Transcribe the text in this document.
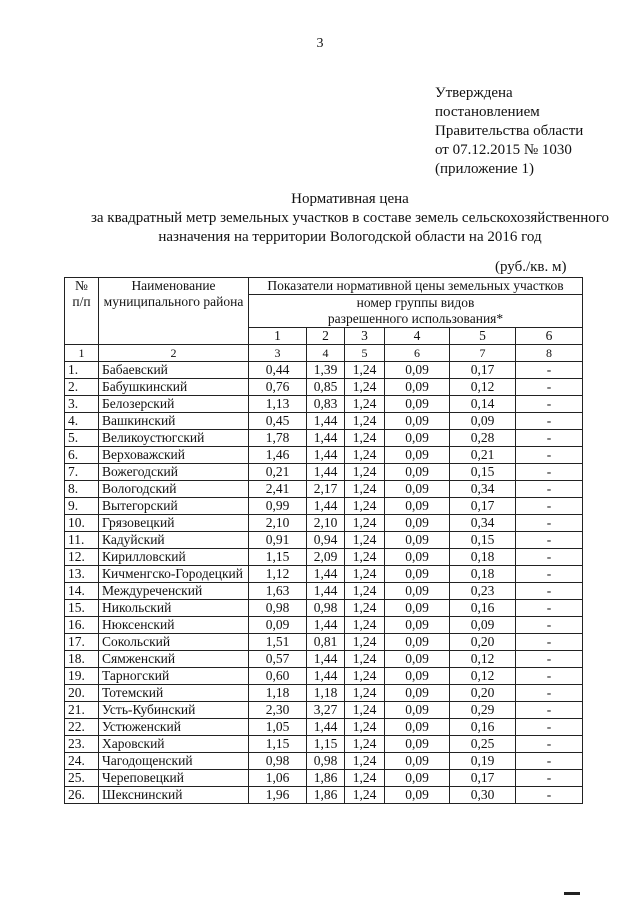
3
Утверждена
постановлением
Правительства области
от 07.12.2015 № 1030
(приложение 1)
Нормативная цена
за квадратный метр земельных участков в составе земель сельскохозяйственного
назначения на территории Вологодской области на 2016 год
(руб./кв. м)
№ п/п	Наименование муниципального района	Показатели нормативной цены земельных участков					
		номер группы видов разрешенного использования*					
		1	2	3	4	5	6
1	2	3	4	5	6	7	8
1.	Бабаевский	0,44	1,39	1,24	0,09	0,17	-
2.	Бабушкинский	0,76	0,85	1,24	0,09	0,12	-
3.	Белозерский	1,13	0,83	1,24	0,09	0,14	-
4.	Вашкинский	0,45	1,44	1,24	0,09	0,09	-
5.	Великоустюгский	1,78	1,44	1,24	0,09	0,28	-
6.	Верховажский	1,46	1,44	1,24	0,09	0,21	-
7.	Вожегодский	0,21	1,44	1,24	0,09	0,15	-
8.	Вологодский	2,41	2,17	1,24	0,09	0,34	-
9.	Вытегорский	0,99	1,44	1,24	0,09	0,17	-
10.	Грязовецкий	2,10	2,10	1,24	0,09	0,34	-
11.	Кадуйский	0,91	0,94	1,24	0,09	0,15	-
12.	Кирилловский	1,15	2,09	1,24	0,09	0,18	-
13.	Кичменгско-Городецкий	1,12	1,44	1,24	0,09	0,18	-
14.	Междуреченский	1,63	1,44	1,24	0,09	0,23	-
15.	Никольский	0,98	0,98	1,24	0,09	0,16	-
16.	Нюксенский	0,09	1,44	1,24	0,09	0,09	-
17.	Сокольский	1,51	0,81	1,24	0,09	0,20	-
18.	Сямженский	0,57	1,44	1,24	0,09	0,12	-
19.	Тарногский	0,60	1,44	1,24	0,09	0,12	-
20.	Тотемский	1,18	1,18	1,24	0,09	0,20	-
21.	Усть-Кубинский	2,30	3,27	1,24	0,09	0,29	-
22.	Устюженский	1,05	1,44	1,24	0,09	0,16	-
23.	Харовский	1,15	1,15	1,24	0,09	0,25	-
24.	Чагодощенский	0,98	0,98	1,24	0,09	0,19	-
25.	Череповецкий	1,06	1,86	1,24	0,09	0,17	-
26.	Шекснинский	1,96	1,86	1,24	0,09	0,30	-
